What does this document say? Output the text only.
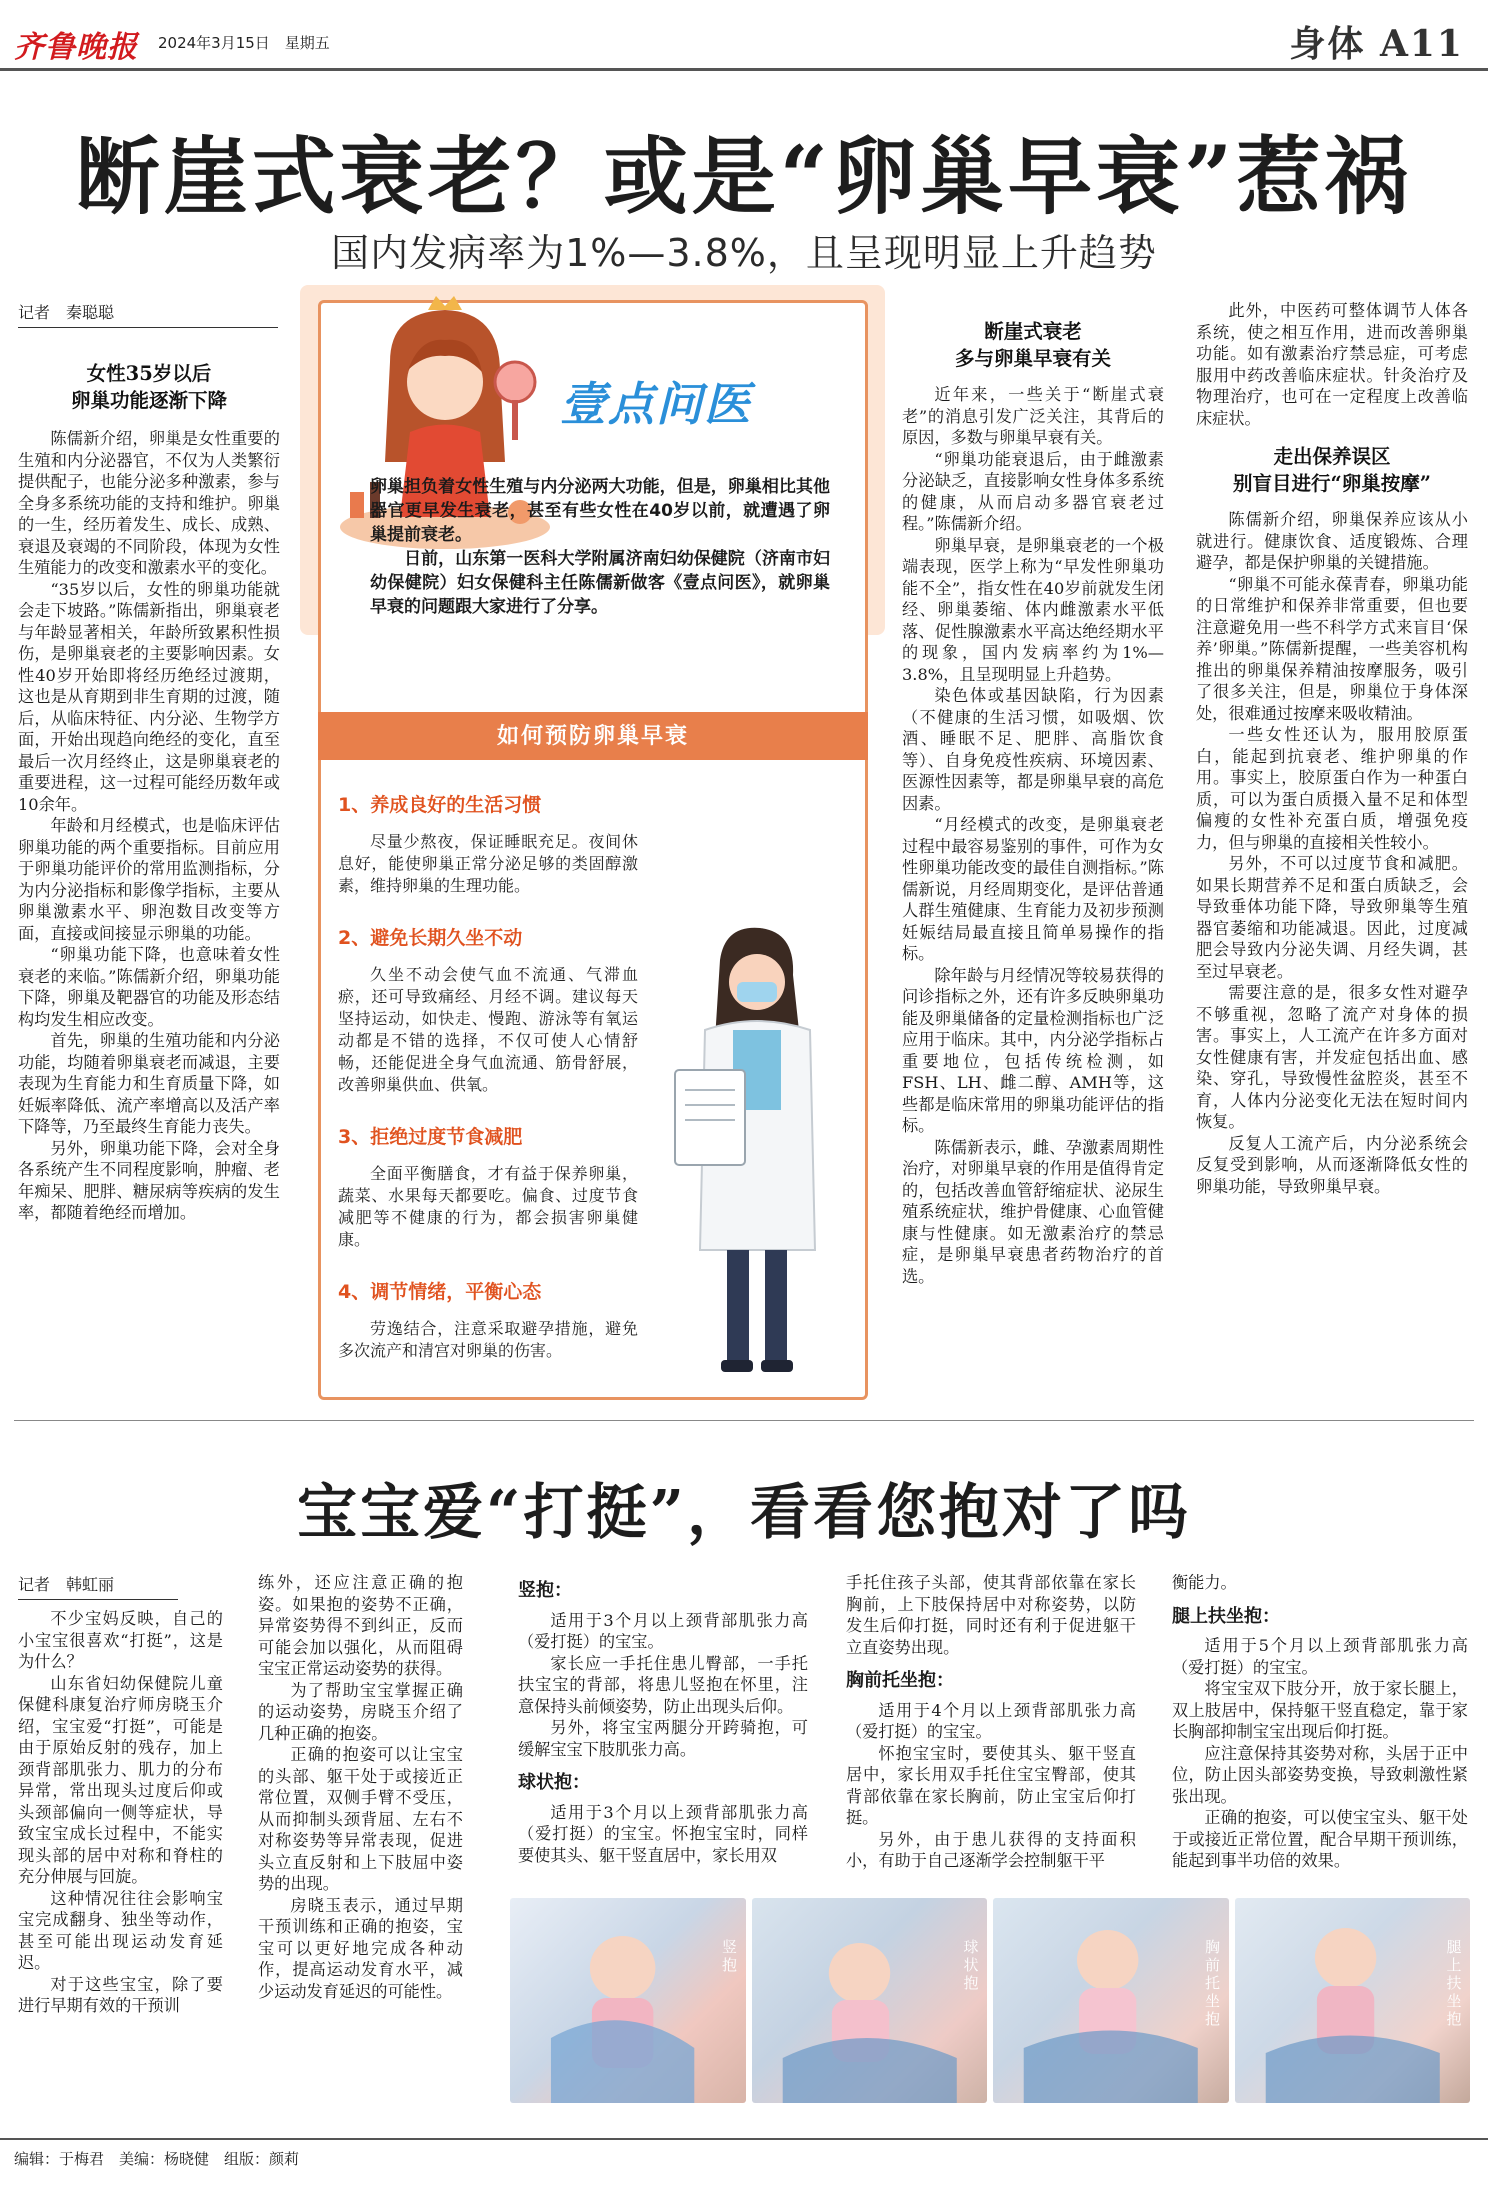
齐鲁晚报 2024年3月15日　星期五	身体 A11
断崖式衰老？或是“卵巢早衰”惹祸
国内发病率为1%—3.8%，且呈现明显上升趋势
记者　秦聪聪
女性35岁以后
卵巢功能逐渐下降

陈儒新介绍，卵巢是女性重要的生殖和内分泌器官，不仅为人类繁衍提供配子，也能分泌多种激素，参与全身多系统功能的支持和维护。卵巢的一生，经历着发生、成长、成熟、衰退及衰竭的不同阶段，体现为女性生殖能力的改变和激素水平的变化。

“35岁以后，女性的卵巢功能就会走下坡路。”陈儒新指出，卵巢衰老与年龄显著相关，年龄所致累积性损伤，是卵巢衰老的主要影响因素。女性40岁开始即将经历绝经过渡期，这也是从育期到非生育期的过渡，随后，从临床特征、内分泌、生物学方面，开始出现趋向绝经的变化，直至最后一次月经终止，这是卵巢衰老的重要进程，这一过程可能经历数年或10余年。

年龄和月经模式，也是临床评估卵巢功能的两个重要指标。目前应用于卵巢功能评价的常用监测指标，分为内分泌指标和影像学指标，主要从卵巢激素水平、卵泡数目改变等方面，直接或间接显示卵巢的功能。

“卵巢功能下降，也意味着女性衰老的来临。”陈儒新介绍，卵巢功能下降，卵巢及靶器官的功能及形态结构均发生相应改变。

首先，卵巢的生殖功能和内分泌功能，均随着卵巢衰老而减退，主要表现为生育能力和生育质量下降，如妊娠率降低、流产率增高以及活产率下降等，乃至最终生育能力丧失。

另外，卵巢功能下降，会对全身各系统产生不同程度影响，肿瘤、老年痴呆、肥胖、糖尿病等疾病的发生率，都随着绝经而增加。

壹点问医
卵巢担负着女性生殖与内分泌两大功能，但是，卵巢相比其他器官更早发生衰老，甚至有些女性在40岁以前，就遭遇了卵巢提前衰老。
　　日前，山东第一医科大学附属济南妇幼保健院（济南市妇幼保健院）妇女保健科主任陈儒新做客《壹点问医》，就卵巢早衰的问题跟大家进行了分享。
如何预防卵巢早衰
1、养成良好的生活习惯
尽量少熬夜，保证睡眠充足。夜间休息好，能使卵巢正常分泌足够的类固醇激素，维持卵巢的生理功能。
2、避免长期久坐不动
久坐不动会使气血不流通、气滞血瘀，还可导致痛经、月经不调。建议每天坚持运动，如快走、慢跑、游泳等有氧运动都是不错的选择，不仅可使人心情舒畅，还能促进全身气血流通、筋骨舒展，改善卵巢供血、供氧。
3、拒绝过度节食减肥
全面平衡膳食，才有益于保养卵巢，蔬菜、水果每天都要吃。偏食、过度节食减肥等不健康的行为，都会损害卵巢健康。
4、调节情绪，平衡心态
劳逸结合，注意采取避孕措施，避免多次流产和清宫对卵巢的伤害。
断崖式衰老
多与卵巢早衰有关

近年来，一些关于“断崖式衰老”的消息引发广泛关注，其背后的原因，多数与卵巢早衰有关。

“卵巢功能衰退后，由于雌激素分泌缺乏，直接影响女性身体多系统的健康，从而启动多器官衰老过程。”陈儒新介绍。

卵巢早衰，是卵巢衰老的一个极端表现，医学上称为“早发性卵巢功能不全”，指女性在40岁前就发生闭经、卵巢萎缩、体内雌激素水平低落、促性腺激素水平高达绝经期水平的现象，国内发病率约为1%—3.8%，且呈现明显上升趋势。

染色体或基因缺陷，行为因素（不健康的生活习惯，如吸烟、饮酒、睡眠不足、肥胖、高脂饮食等）、自身免疫性疾病、环境因素、医源性因素等，都是卵巢早衰的高危因素。

“月经模式的改变，是卵巢衰老过程中最容易鉴别的事件，可作为女性卵巢功能改变的最佳自测指标。”陈儒新说，月经周期变化，是评估普通人群生殖健康、生育能力及初步预测妊娠结局最直接且简单易操作的指标。

除年龄与月经情况等较易获得的问诊指标之外，还有许多反映卵巢功能及卵巢储备的定量检测指标也广泛应用于临床。其中，内分泌学指标占重要地位，包括传统检测，如FSH、LH、雌二醇、AMH等，这些都是临床常用的卵巢功能评估的指标。

陈儒新表示，雌、孕激素周期性治疗，对卵巢早衰的作用是值得肯定的，包括改善血管舒缩症状、泌尿生殖系统症状，维护骨健康、心血管健康与性健康。如无激素治疗的禁忌症，是卵巢早衰患者药物治疗的首选。

此外，中医药可整体调节人体各系统，使之相互作用，进而改善卵巢功能。如有激素治疗禁忌症，可考虑服用中药改善临床症状。针灸治疗及物理治疗，也可在一定程度上改善临床症状。

走出保养误区
别盲目进行“卵巢按摩”

陈儒新介绍，卵巢保养应该从小就进行。健康饮食、适度锻炼、合理避孕，都是保护卵巢的关键措施。

“卵巢不可能永葆青春，卵巢功能的日常维护和保养非常重要，但也要注意避免用一些不科学方式来盲目‘保养’卵巢。”陈儒新提醒，一些美容机构推出的卵巢保养精油按摩服务，吸引了很多关注，但是，卵巢位于身体深处，很难通过按摩来吸收精油。

一些女性还认为，服用胶原蛋白，能起到抗衰老、维护卵巢的作用。事实上，胶原蛋白作为一种蛋白质，可以为蛋白质摄入量不足和体型偏瘦的女性补充蛋白质，增强免疫力，但与卵巢的直接相关性较小。

另外，不可以过度节食和减肥。如果长期营养不足和蛋白质缺乏，会导致垂体功能下降，导致卵巢等生殖器官萎缩和功能减退。因此，过度减肥会导致内分泌失调、月经失调，甚至过早衰老。

需要注意的是，很多女性对避孕不够重视，忽略了流产对身体的损害。事实上，人工流产在许多方面对女性健康有害，并发症包括出血、感染、穿孔，导致慢性盆腔炎，甚至不育，人体内分泌变化无法在短时间内恢复。

反复人工流产后，内分泌系统会反复受到影响，从而逐渐降低女性的卵巢功能，导致卵巢早衰。

宝宝爱“打挺”，看看您抱对了吗
记者　韩虹丽

不少宝妈反映，自己的小宝宝很喜欢“打挺”，这是为什么？

山东省妇幼保健院儿童保健科康复治疗师房晓玉介绍，宝宝爱“打挺”，可能是由于原始反射的残存，加上颈背部肌张力、肌力的分布异常，常出现头过度后仰或头颈部偏向一侧等症状，导致宝宝成长过程中，不能实现头部的居中对称和脊柱的充分伸展与回旋。

这种情况往往会影响宝宝完成翻身、独坐等动作，甚至可能出现运动发育延迟。

对于这些宝宝，除了要进行早期有效的干预训

练外，还应注意正确的抱姿。如果抱的姿势不正确，异常姿势得不到纠正，反而可能会加以强化，从而阻碍宝宝正常运动姿势的获得。

为了帮助宝宝掌握正确的运动姿势，房晓玉介绍了几种正确的抱姿。

正确的抱姿可以让宝宝的头部、躯干处于或接近正常位置，双侧手臂不受压，从而抑制头颈背屈、左右不对称姿势等异常表现，促进头立直反射和上下肢屈中姿势的出现。

房晓玉表示，通过早期干预训练和正确的抱姿，宝宝可以更好地完成各种动作，提高运动发育水平，减少运动发育延迟的可能性。

竖抱：

适用于3个月以上颈背部肌张力高（爱打挺）的宝宝。

家长应一手托住患儿臀部，一手托扶宝宝的背部，将患儿竖抱在怀里，注意保持头前倾姿势，防止出现头后仰。

另外，将宝宝两腿分开跨骑抱，可缓解宝宝下肢肌张力高。

球状抱：

适用于3个月以上颈背部肌张力高（爱打挺）的宝宝。怀抱宝宝时，同样要使其头、躯干竖直居中，家长用双

手托住孩子头部，使其背部依靠在家长胸前，上下肢保持居中对称姿势，以防发生后仰打挺，同时还有利于促进躯干立直姿势出现。

胸前托坐抱：

适用于4个月以上颈背部肌张力高（爱打挺）的宝宝。

怀抱宝宝时，要使其头、躯干竖直居中，家长用双手托住宝宝臀部，使其背部依靠在家长胸前，防止宝宝后仰打挺。

另外，由于患儿获得的支持面积小，有助于自己逐渐学会控制躯干平

衡能力。

腿上扶坐抱：

适用于5个月以上颈背部肌张力高（爱打挺）的宝宝。

将宝宝双下肢分开，放于家长腿上，双上肢居中，保持躯干竖直稳定，靠于家长胸部抑制宝宝出现后仰打挺。

应注意保持其姿势对称，头居于正中位，防止因头部姿势变换，导致刺激性紧张出现。

正确的抱姿，可以使宝宝头、躯干处于或接近正常位置，配合早期干预训练，能起到事半功倍的效果。

竖抱
球状抱
胸前托坐抱
腿上扶坐抱
编辑：于梅君　美编：杨晓健　组版：颜莉
